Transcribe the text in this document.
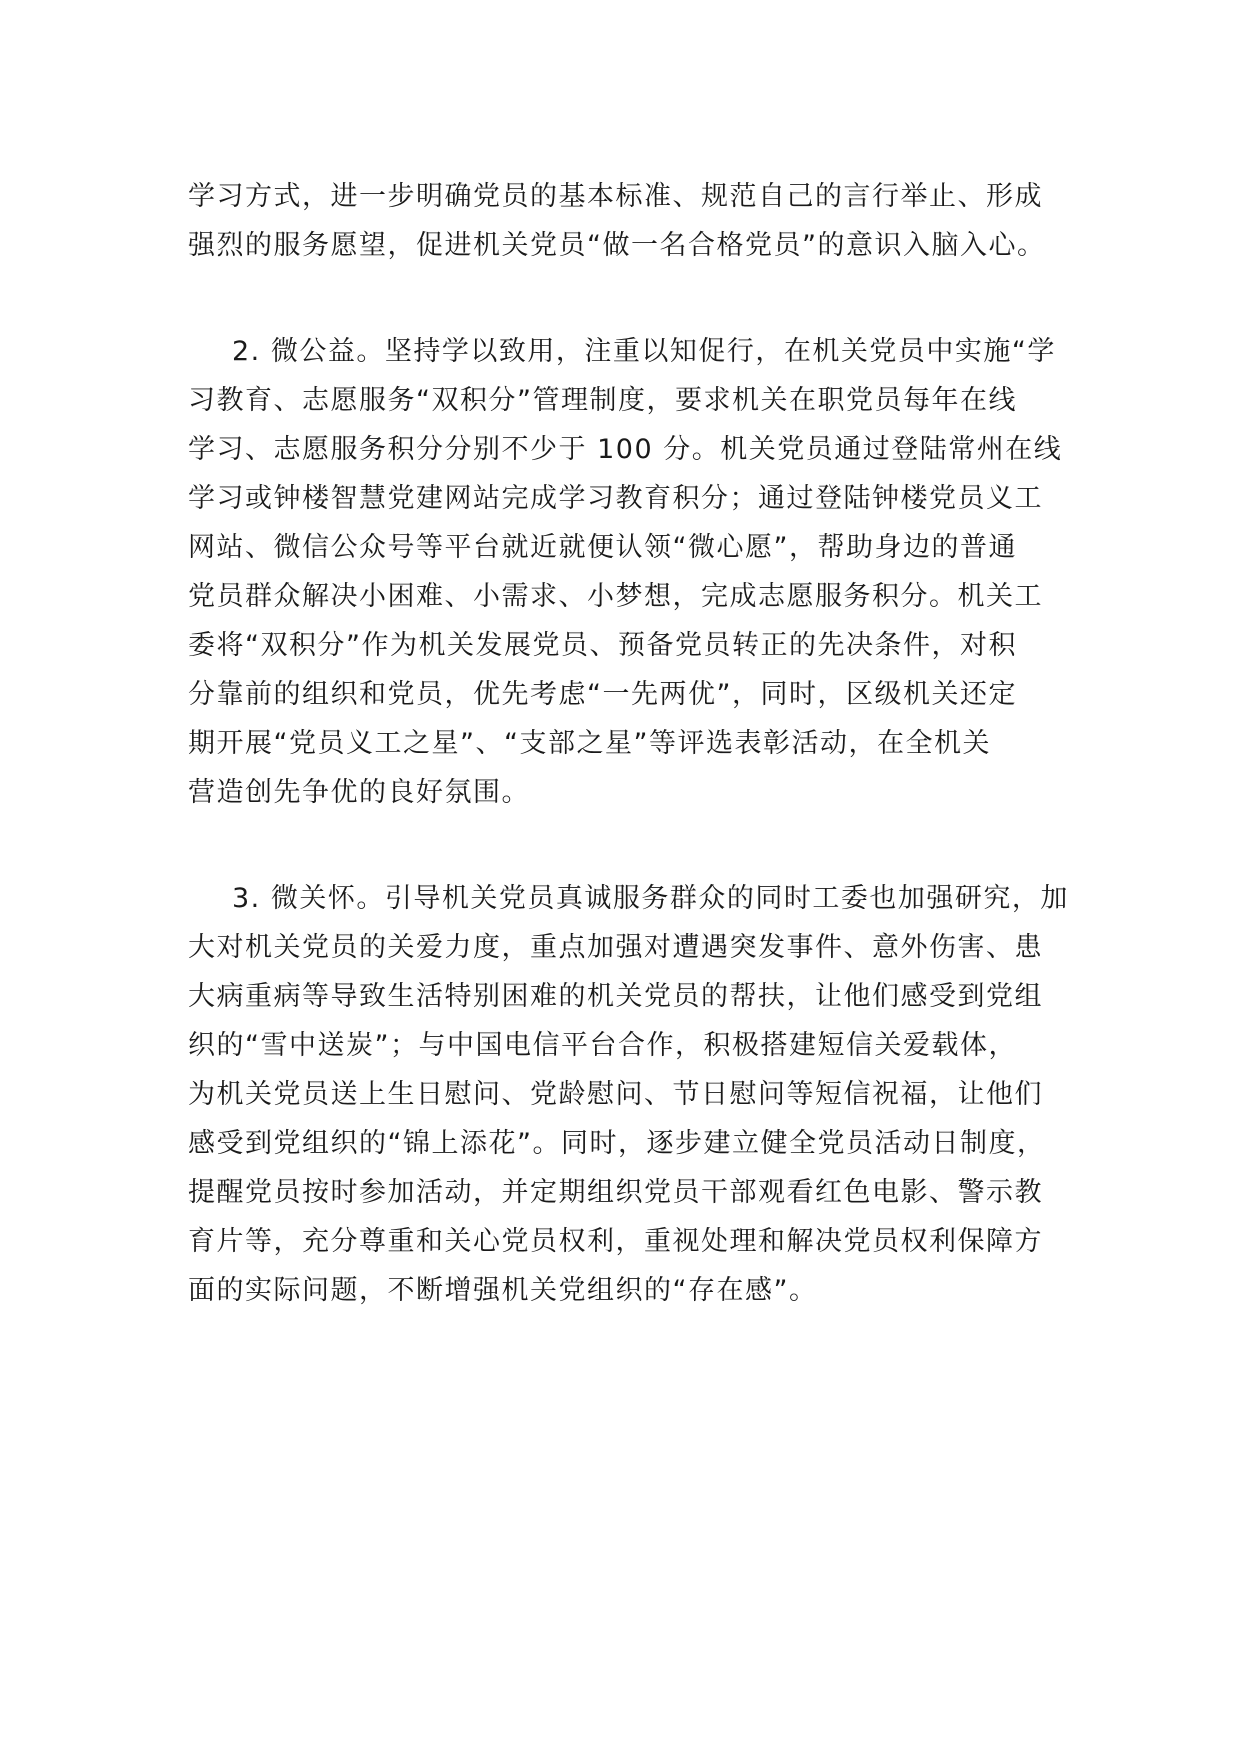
学习方式，进一步明确党员的基本标准、规范自己的言行举止、形成
强烈的服务愿望，促进机关党员“做一名合格党员”的意识入脑入心。
2. 微公益。坚持学以致用，注重以知促行，在机关党员中实施“学
习教育、志愿服务“双积分”管理制度，要求机关在职党员每年在线
学习、志愿服务积分分别不少于 100 分。机关党员通过登陆常州在线
学习或钟楼智慧党建网站完成学习教育积分；通过登陆钟楼党员义工
网站、微信公众号等平台就近就便认领“微心愿”，帮助身边的普通
党员群众解决小困难、小需求、小梦想，完成志愿服务积分。机关工
委将“双积分”作为机关发展党员、预备党员转正的先决条件，对积
分靠前的组织和党员，优先考虑“一先两优”，同时，区级机关还定
期开展“党员义工之星”、“支部之星”等评选表彰活动，在全机关
营造创先争优的良好氛围。
3. 微关怀。引导机关党员真诚服务群众的同时工委也加强研究，加
大对机关党员的关爱力度，重点加强对遭遇突发事件、意外伤害、患
大病重病等导致生活特别困难的机关党员的帮扶，让他们感受到党组
织的“雪中送炭”；与中国电信平台合作，积极搭建短信关爱载体，
为机关党员送上生日慰问、党龄慰问、节日慰问等短信祝福，让他们
感受到党组织的“锦上添花”。同时，逐步建立健全党员活动日制度，
提醒党员按时参加活动，并定期组织党员干部观看红色电影、警示教
育片等，充分尊重和关心党员权利，重视处理和解决党员权利保障方
面的实际问题，不断增强机关党组织的“存在感”。
